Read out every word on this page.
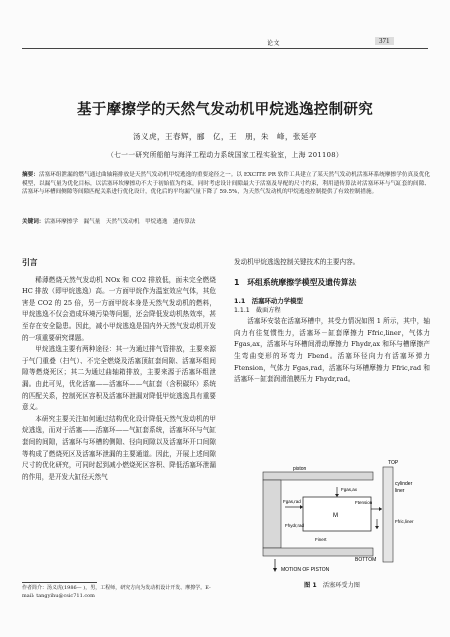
论文	371
基于摩擦学的天然气发动机甲烷逃逸控制研究
汤义虎，王春辉，郦　亿，王　朋，朱　峰，张延亭
（七一一研究所船舶与海洋工程动力系统国家工程实验室，上海 201108）
摘要：活塞环组泄漏的燃气通过曲轴箱排放是天然气发动机甲烷逃逸的重要途径之一。以 EXCITE PR 软件工具建立了某天然气发动机活塞环系统摩擦学仿真及优化模型，以漏气量为优化目标，以活塞环坎摩擦功不大于初始值为约束，同时考虑设计间隙最大于活塞及导配的尺寸约束，利用遗传算法对活塞环环与气缸套的间隙、活塞环与环槽间侧隙等间隙匹配关系进行优化设计，优化后的平均漏气量下降了 59.5%，为天然气发动机的甲烷逃逸控制提供了有效控制措施。
关键词：活塞环摩擦学　漏气量　天然气发动机　甲烷逃逸　遗传算法
引言

稀薄燃烧天然气发动机 NOx 和 CO2 排放低，面未完全燃烧 HC 排放（即甲烷逃逸）高。一方面甲烷作为温室效应气体，其危害是 CO2 的 25 倍，另一方面甲烷本身是天然气发动机的燃料，甲烷逃逸不仅会造成环境污染等问题，还会降低发动机热效率，甚至存在安全隐患。因此，减小甲烷逃逸是国内外天然气发动机开发的一项重要研究课题。

甲烷逃逸主要有两种途径：其一为通过排气管排放，主要来源于气门重叠（扫气）、不完全燃烧及活塞顶缸套间隙、活塞环组间隙等燃烧死区；其二为通过曲轴箱排放，主要来源于活塞环组泄漏。由此可见，优化活塞——活塞环——气缸套（含积碳环）系统的匹配关系，控制死区容积及活塞环泄漏对降低甲烷逃逸具有重要意义。

本研究主要关注如何通过结构优化设计降低天然气发动机的甲烷逃逸，而对于活塞——活塞环——气缸套系统，活塞环环与气缸套间的间隙，活塞环与环槽的侧隙、径向间隙以及活塞环开口间隙等构成了燃烧死区及活塞环泄漏的主要通道。因此，开展上述间隙尺寸的优化研究，可同时起到减小燃烧死区容积、降低活塞环泄漏的作用，是开发大缸径天然气

发动机甲烷逃逸控制关键技术的主要内容。

1　环组系统摩擦学模型及遗传算法
1.1　活塞环动力学模型
1.1.1　截面方程

活塞环安装在活塞环槽中，其受力情况如图 1 所示，其中，轴向力有往复惯性力，活塞环－缸套摩擦力 Ffric,liner，气体力 Fgas,ax，活塞环与环槽间滑动摩擦力 Fhydr,ax 和环与槽摩擦产生弯曲变形的环弯力 Fbend。活塞环径向力有活塞环弹力 Ftension，气体力 Fgas,rad，活塞环与环槽摩擦力 Ffric,rad 和活塞环－缸套润滑油膜压力 Fhydr,rad。

TOP
piston
cylinder
liner
M
Fgas,ax
Fgas,rad	Ftension
Ffric,liner
Fhydr,rad
Finert
BOTTOM
MOTION OF PISTON
图 1　 活塞环受力图
作者简介：汤义虎(1986— )，男，工程师，研究方向为发动机设计开发、摩擦学。E-mail: tangyihu@csic711.com
